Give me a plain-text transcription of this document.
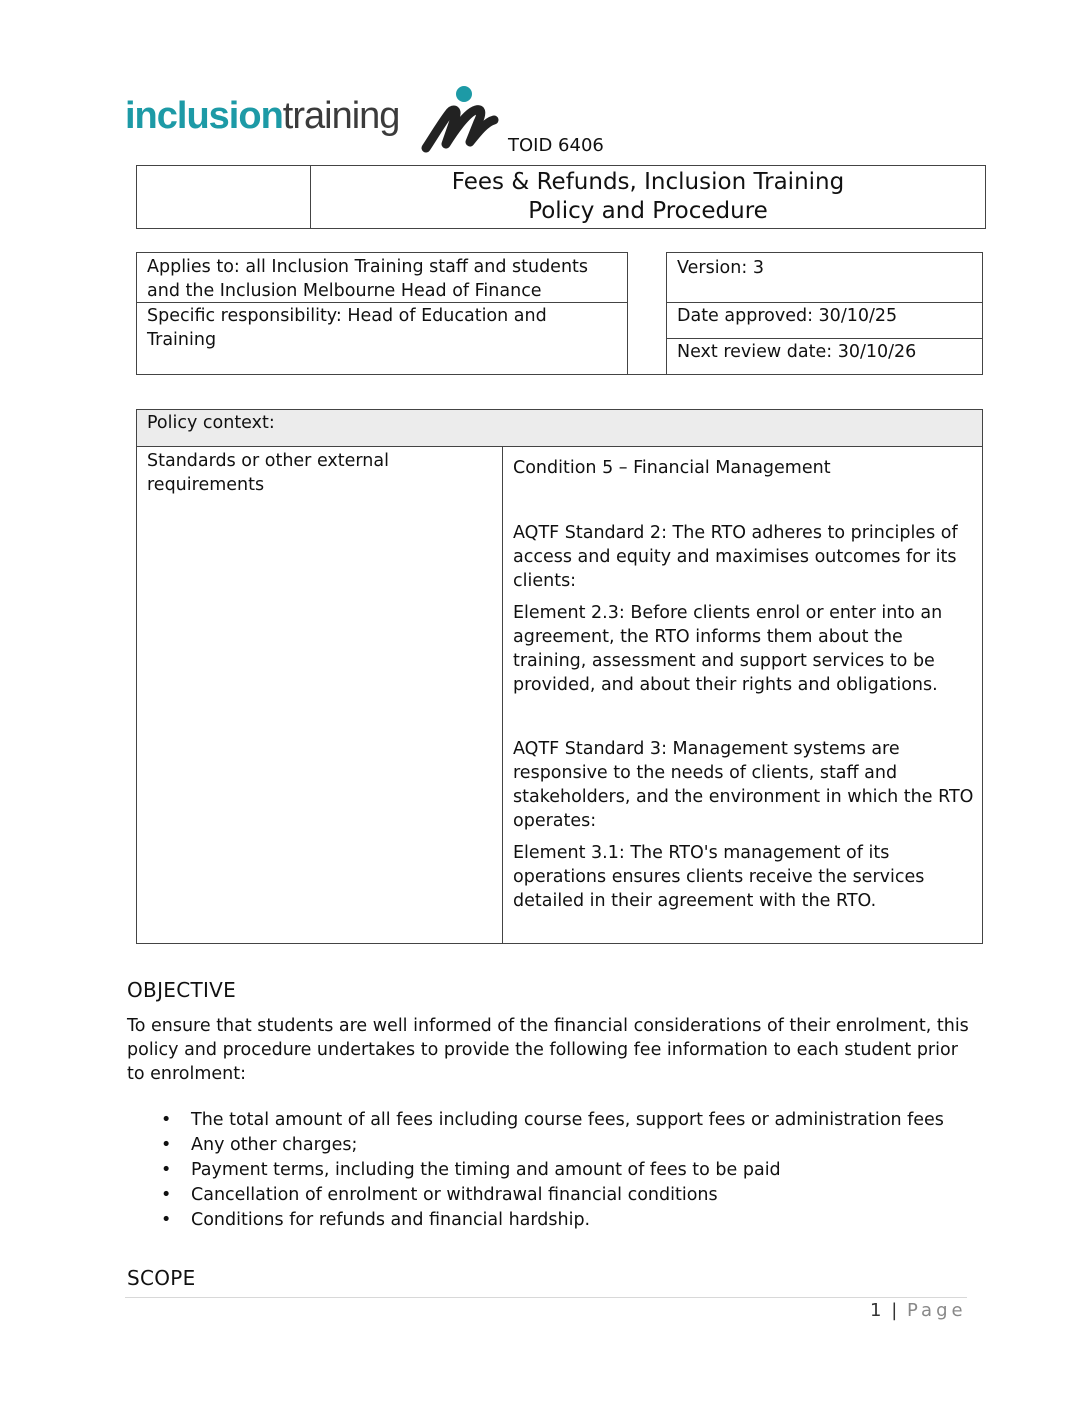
inclusiontraining
TOID 6406
Fees & Refunds, Inclusion Training
Policy and Procedure
Applies to: all Inclusion Training staff and students and the Inclusion Melbourne Head of Finance
Specific responsibility: Head of Education and Training
Version: 3
Date approved: 30/10/25
Next review date: 30/10/26
Policy context:
Standards or other external requirements

Condition 5 – Financial Management

AQTF Standard 2: The RTO adheres to principles of access and equity and maximises outcomes for its clients:

Element 2.3: Before clients enrol or enter into an agreement, the RTO informs them about the training, assessment and support services to be provided, and about their rights and obligations.

AQTF Standard 3: Management systems are responsive to the needs of clients, staff and stakeholders, and the environment in which the RTO operates:

Element 3.1: The RTO's management of its operations ensures clients receive the services detailed in their agreement with the RTO.

OBJECTIVE
To ensure that students are well informed of the financial considerations of their enrolment, this policy and procedure undertakes to provide the following fee information to each student prior to enrolment:
• The total amount of all fees including course fees, support fees or administration fees
• Any other charges;
• Payment terms, including the timing and amount of fees to be paid
• Cancellation of enrolment or withdrawal financial conditions
• Conditions for refunds and financial hardship.
SCOPE
1 | Page
